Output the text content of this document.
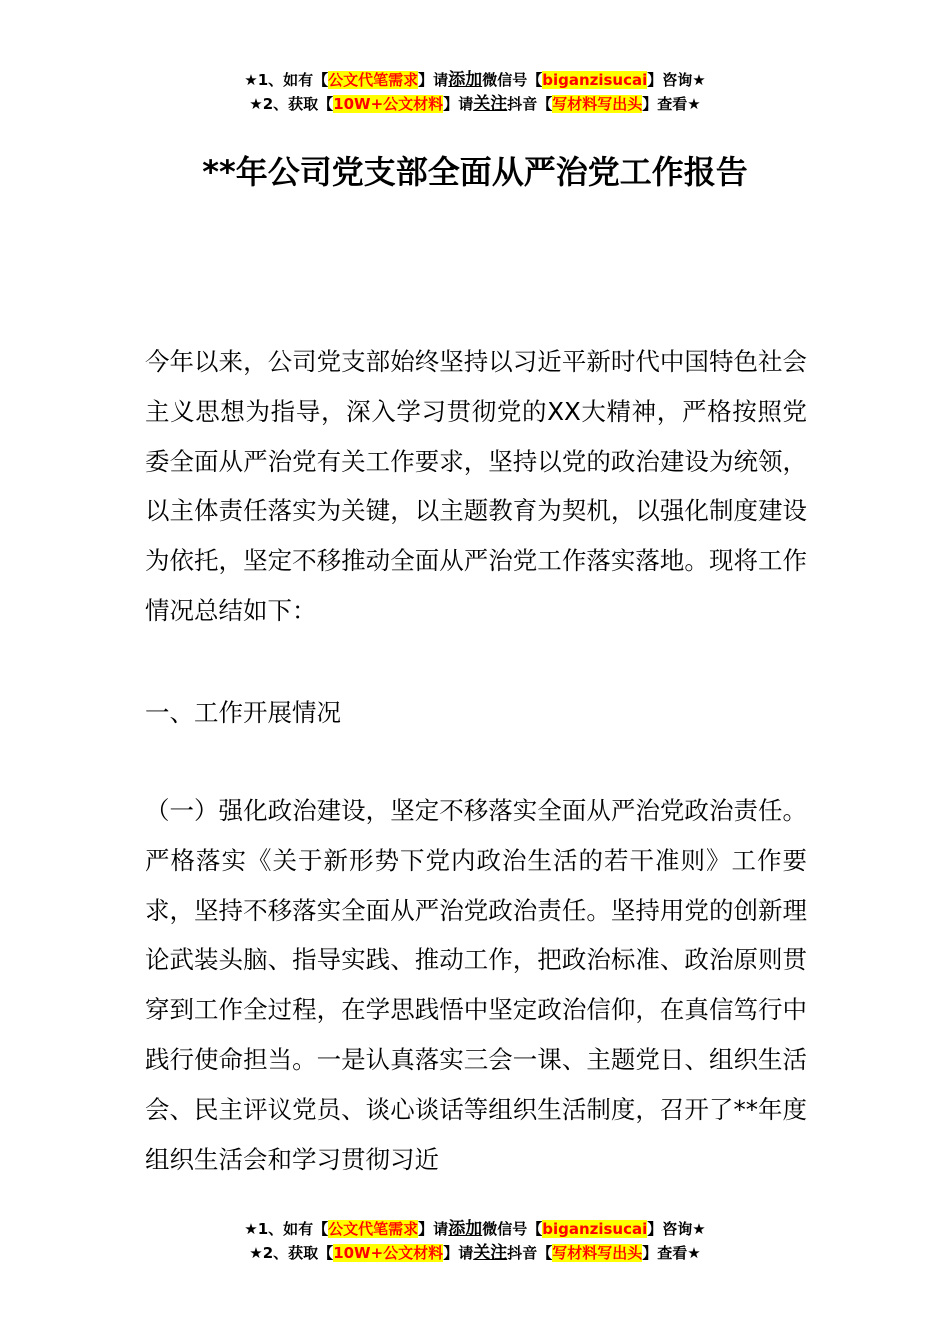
★1、如有【公文代笔需求】请添加微信号【biganzisucai】咨询★
★2、获取【10W+公文材料】请关注抖音【写材料写出头】查看★
**年公司党支部全面从严治党工作报告

今年以来，公司党支部始终坚持以习近平新时代中国特色社会主义思想为指导，深入学习贯彻党的XX大精神，严格按照党委全面从严治党有关工作要求，坚持以党的政治建设为统领，以主体责任落实为关键，以主题教育为契机，以强化制度建设为依托，坚定不移推动全面从严治党工作落实落地。现将工作情况总结如下：

一、工作开展情况

（一）强化政治建设，坚定不移落实全面从严治党政治责任。严格落实《关于新形势下党内政治生活的若干准则》工作要求，坚持不移落实全面从严治党政治责任。坚持用党的创新理论武装头脑、指导实践、推动工作，把政治标准、政治原则贯穿到工作全过程，在学思践悟中坚定政治信仰，在真信笃行中践行使命担当。一是认真落实三会一课、主题党日、组织生活会、民主评议党员、谈心谈话等组织生活制度，召开了**年度组织生活会和学习贯彻习近

★1、如有【公文代笔需求】请添加微信号【biganzisucai】咨询★
★2、获取【10W+公文材料】请关注抖音【写材料写出头】查看★
